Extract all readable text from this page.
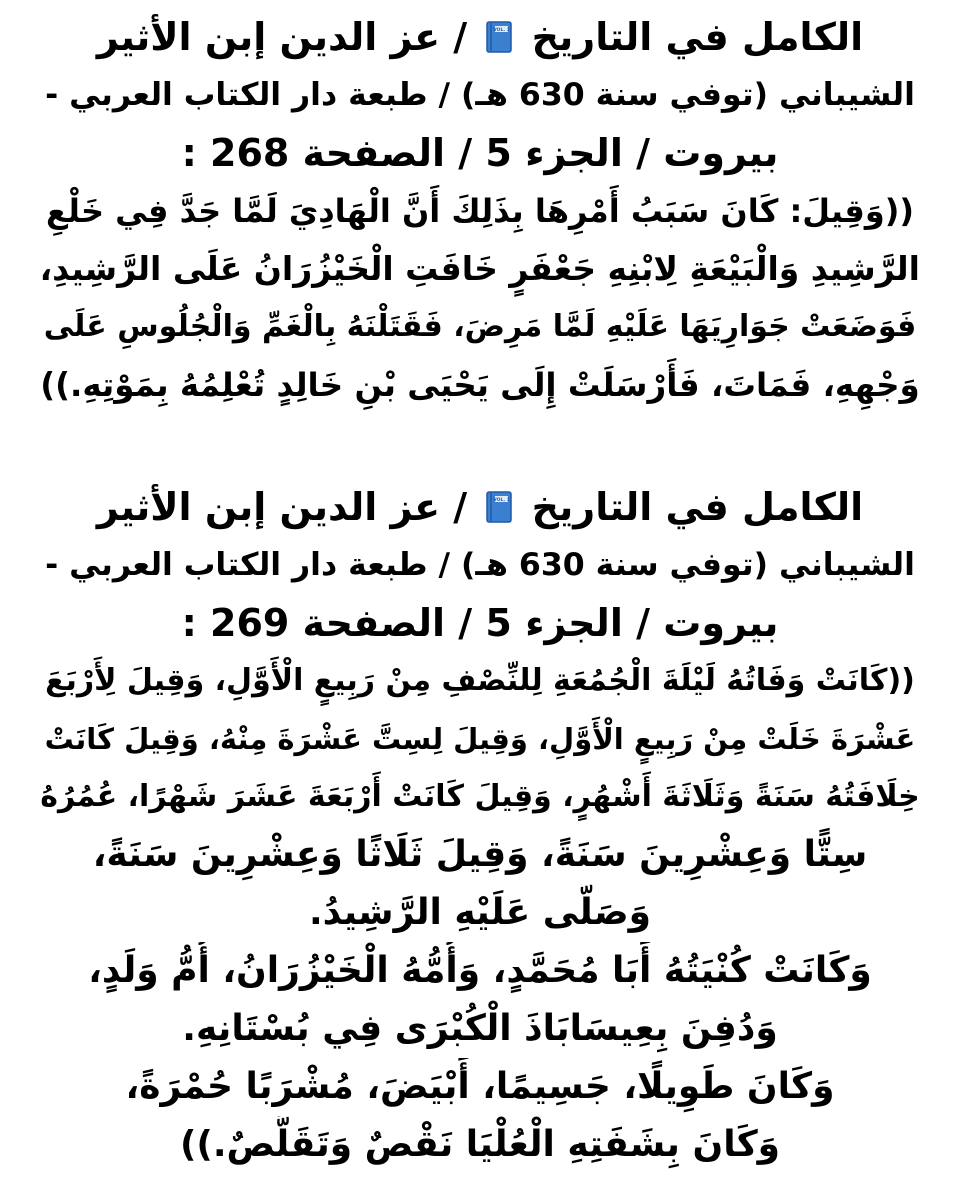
الكامل في التاريخ
VOL. 1
/ عز الدين إبن الأثير
الشيباني (توفي سنة 630 هـ) / طبعة دار الكتاب العربي -
بيروت / الجزء 5 / الصفحة 268 :
((وَقِيلَ: كَانَ سَبَبُ أَمْرِهَا بِذَلِكَ أَنَّ الْهَادِيَ لَمَّا جَدَّ فِي خَلْعِ
الرَّشِيدِ وَالْبَيْعَةِ لِابْنِهِ جَعْفَرٍ خَافَتِ الْخَيْزُرَانُ عَلَى الرَّشِيدِ،
فَوَضَعَتْ جَوَارِيَهَا عَلَيْهِ لَمَّا مَرِضَ، فَقَتَلْنَهُ بِالْغَمِّ وَالْجُلُوسِ عَلَى
وَجْهِهِ، فَمَاتَ، فَأَرْسَلَتْ إِلَى يَحْيَى بْنِ خَالِدٍ تُعْلِمُهُ بِمَوْتِهِ.))
الكامل في التاريخ
VOL. 1
/ عز الدين إبن الأثير
الشيباني (توفي سنة 630 هـ) / طبعة دار الكتاب العربي -
بيروت / الجزء 5 / الصفحة 269 :
((كَانَتْ وَفَاتُهُ لَيْلَةَ الْجُمُعَةِ لِلنِّصْفِ مِنْ رَبِيعٍ الْأَوَّلِ، وَقِيلَ لِأَرْبَعَ
عَشْرَةَ خَلَتْ مِنْ رَبِيعٍ الْأَوَّلِ، وَقِيلَ لِسِتَّ عَشْرَةَ مِنْهُ، وَقِيلَ كَانَتْ
خِلَافَتُهُ سَنَةً وَثَلَاثَةَ أَشْهُرٍ، وَقِيلَ كَانَتْ أَرْبَعَةَ عَشَرَ شَهْرًا، عُمُرُهُ
سِتًّا وَعِشْرِينَ سَنَةً، وَقِيلَ ثَلَاثًا وَعِشْرِينَ سَنَةً،
وَصَلَّى عَلَيْهِ الرَّشِيدُ.
وَكَانَتْ كُنْيَتُهُ أَبَا مُحَمَّدٍ، وَأُمُّهُ الْخَيْزُرَانُ، أُمُّ وَلَدٍ،
وَدُفِنَ بِعِيسَابَاذَ الْكُبْرَى فِي بُسْتَانِهِ.
وَكَانَ طَوِيلًا، جَسِيمًا، أَبْيَضَ، مُشْرَبًا حُمْرَةً،
وَكَانَ بِشَفَتِهِ الْعُلْيَا نَقْصٌ وَتَقَلُّصٌ.))
